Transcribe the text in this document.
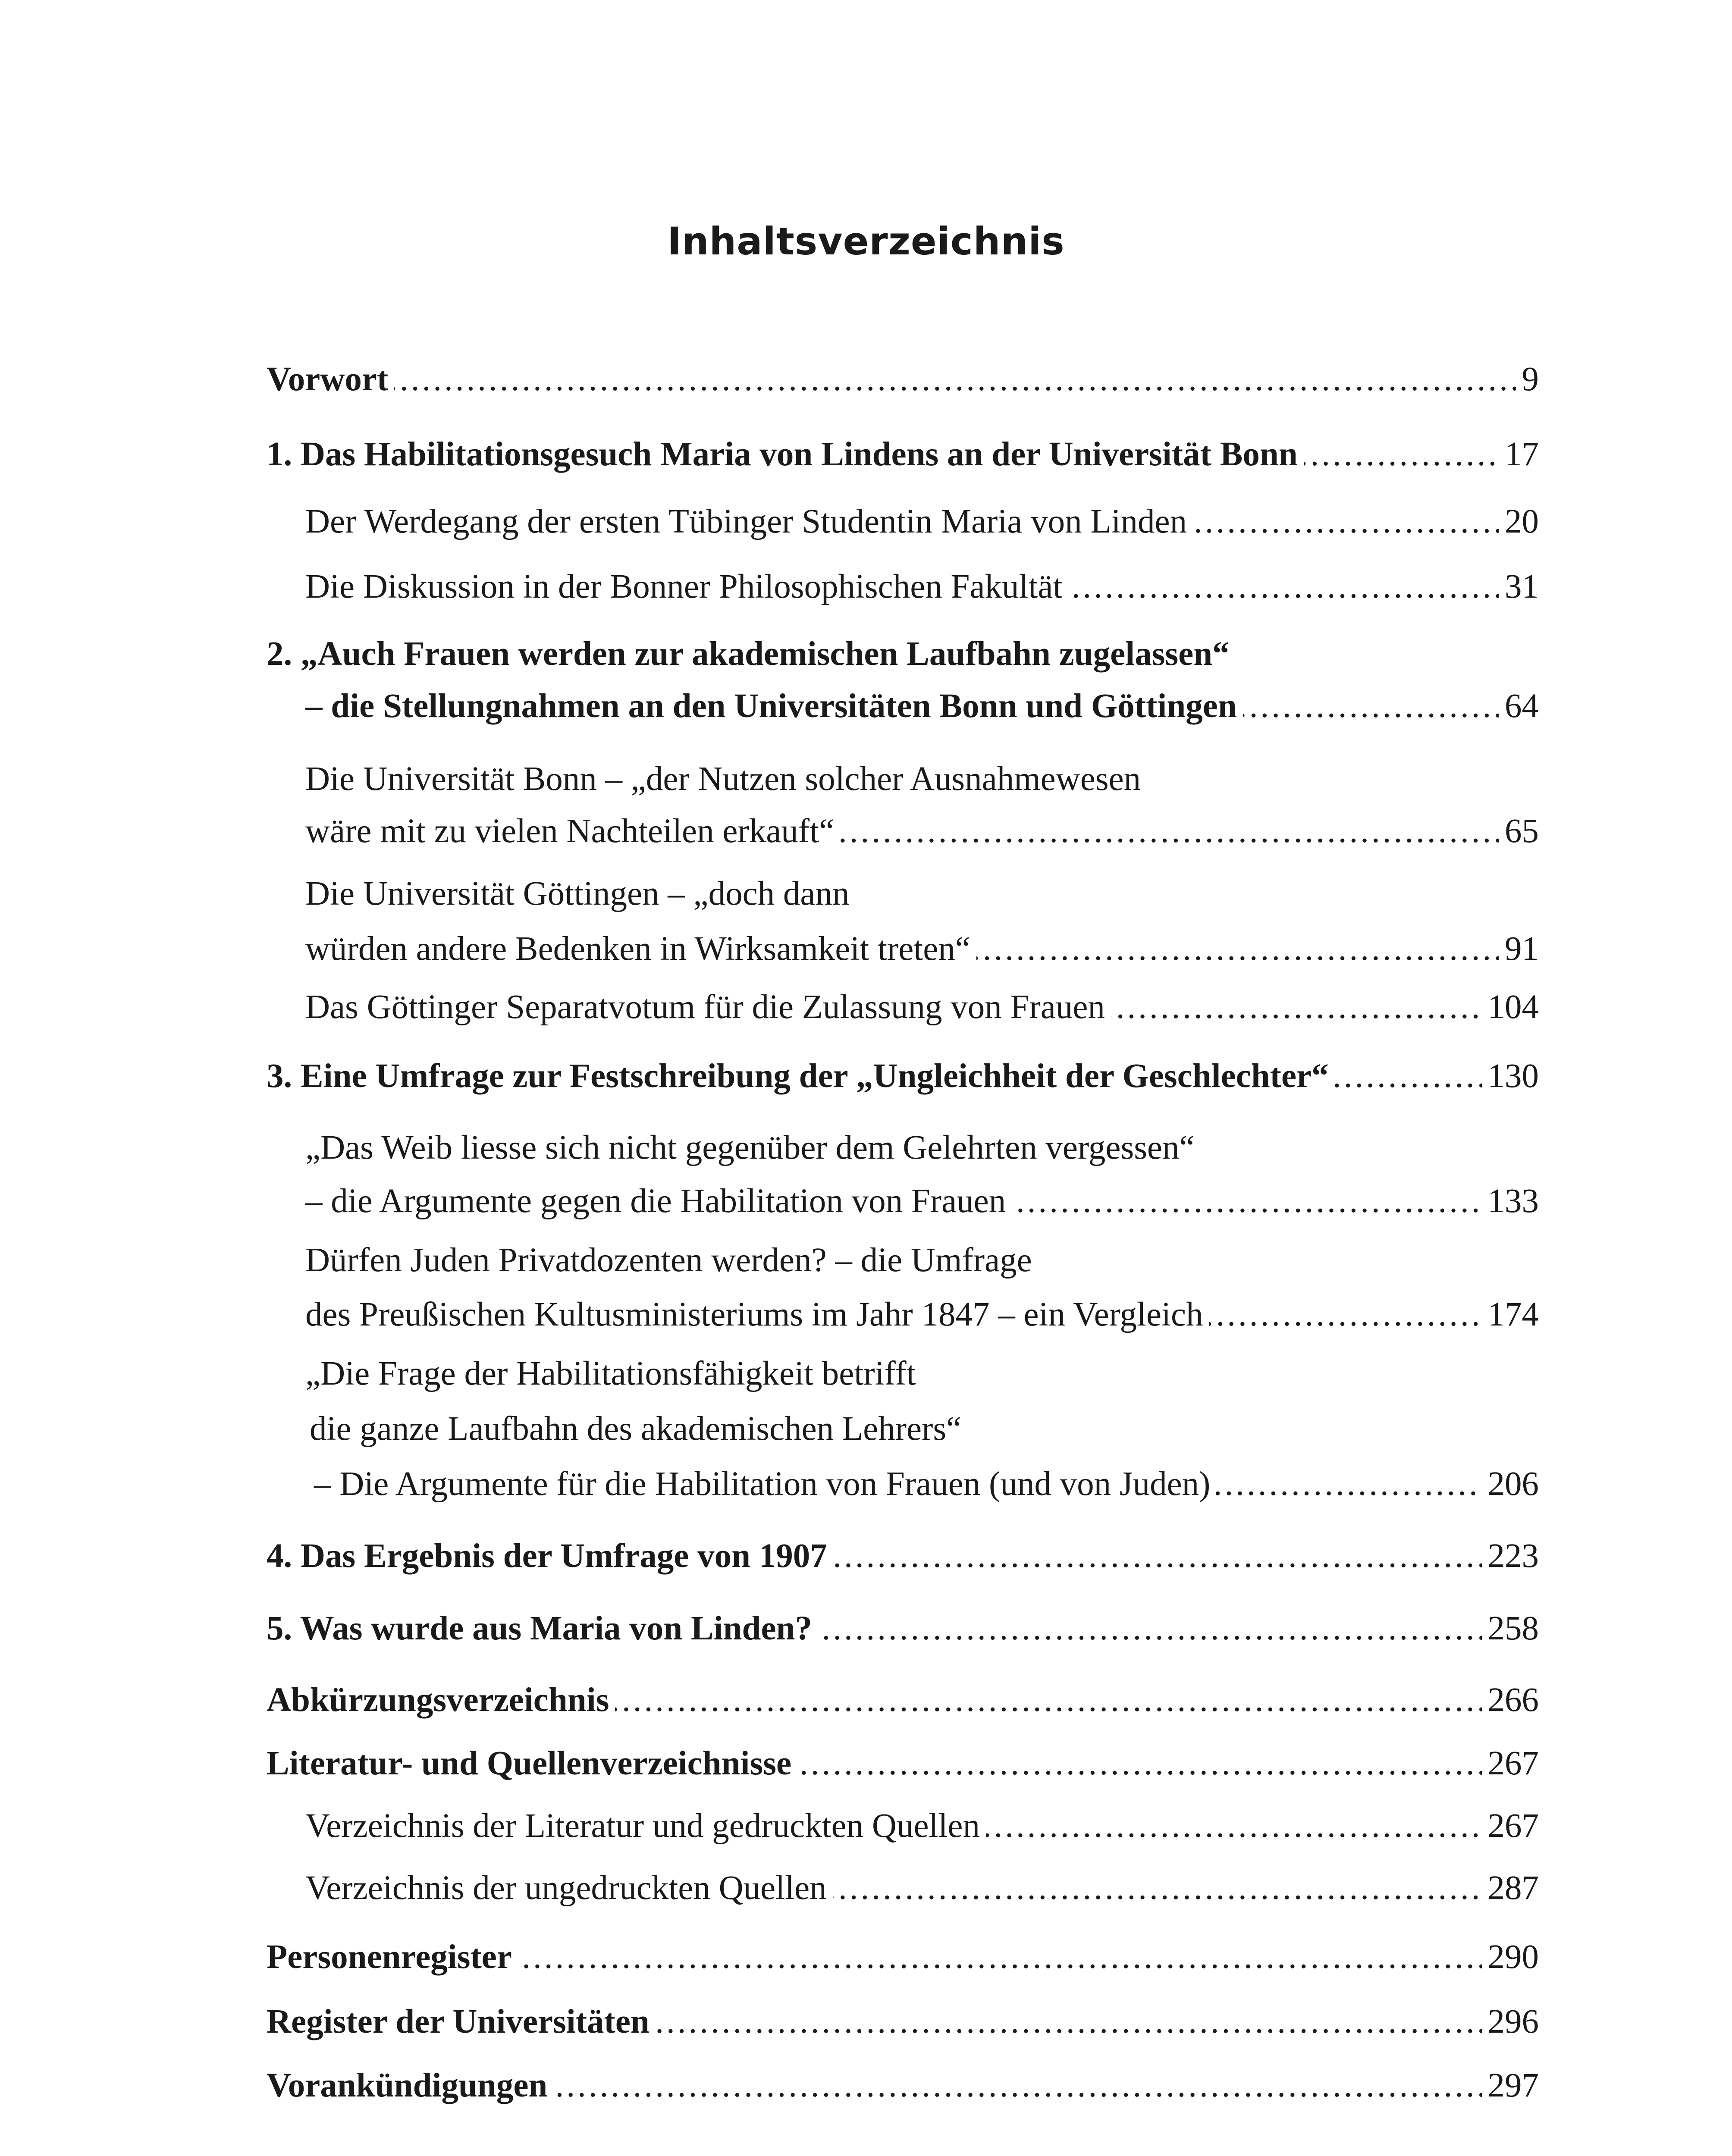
Inhaltsverzeichnis
.....
Vorwort	9
.....
1. Das Habilitationsgesuch Maria von Lindens an der Universität Bonn	17
.....
Der Werdegang der ersten Tübinger Studentin Maria von Linden	20
.....
Die Diskussion in der Bonner Philosophischen Fakultät	31
2. „Auch Frauen werden zur akademischen Laufbahn zugelassen“
.....
– die Stellungnahmen an den Universitäten Bonn und Göttingen	64
Die Universität Bonn – „der Nutzen solcher Ausnahmewesen
.....
wäre mit zu vielen Nachteilen erkauft“	65
Die Universität Göttingen – „doch dann
.....
würden andere Bedenken in Wirksamkeit treten“	91
.....
Das Göttinger Separatvotum für die Zulassung von Frauen	104
.....
3. Eine Umfrage zur Festschreibung der „Ungleichheit der Geschlechter“	130
„Das Weib liesse sich nicht gegenüber dem Gelehrten vergessen“
.....
– die Argumente gegen die Habilitation von Frauen	133
Dürfen Juden Privatdozenten werden? – die Umfrage
.....
des Preußischen Kultusministeriums im Jahr 1847 – ein Vergleich	174
„Die Frage der Habilitationsfähigkeit betrifft
die ganze Laufbahn des akademischen Lehrers“
.....
– Die Argumente für die Habilitation von Frauen (und von Juden)	206
.....
4. Das Ergebnis der Umfrage von 1907	223
.....
5. Was wurde aus Maria von Linden?	258
.....
Abkürzungsverzeichnis	266
.....
Literatur- und Quellenverzeichnisse	267
.....
Verzeichnis der Literatur und gedruckten Quellen	267
.....
Verzeichnis der ungedruckten Quellen	287
.....
Personenregister	290
.....
Register der Universitäten	296
.....
Vorankündigungen	297
